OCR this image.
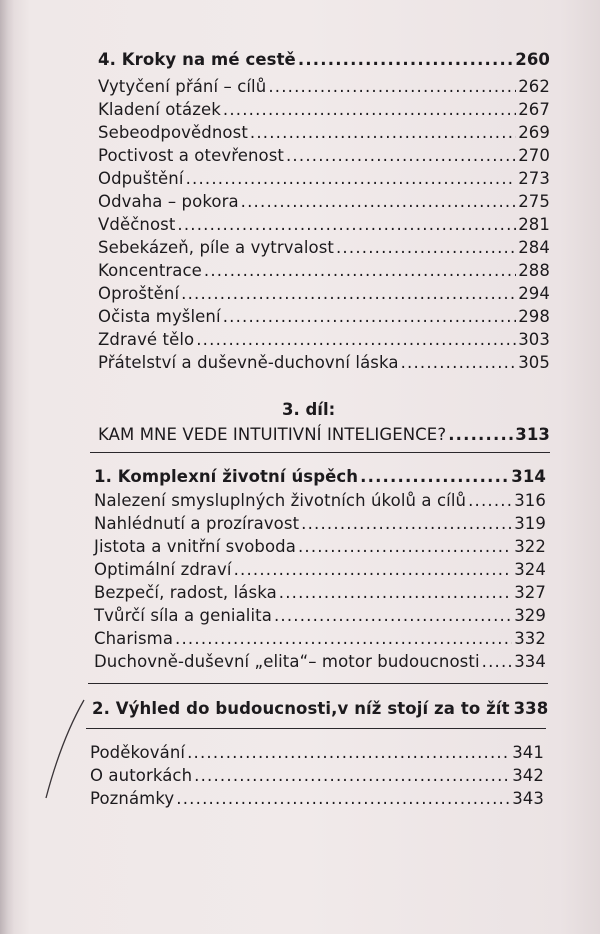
4. Kroky na mé cestě .....	260
Vytyčení přání – cílů .....	262
Kladení otázek .....	267
Sebeodpovědnost .....	269
Poctivost a otevřenost .....	270
Odpuštění .....	273
Odvaha – pokora .....	275
Vděčnost .....	281
Sebekázeň, píle a vytrvalost .....	284
Koncentrace .....	288
Oproštění .....	294
Očista myšlení .....	298
Zdravé tělo .....	303
Přátelství a duševně-duchovní láska .....	305
3. díl:
KAM MNE VEDE INTUITIVNÍ INTELIGENCE? .....	313
1. Komplexní životní úspěch .....	314
Nalezení smysluplných životních úkolů a cílů .....	316
Nahlédnutí a prozíravost .....	319
Jistota a vnitřní svoboda .....	322
Optimální zdraví .....	324
Bezpečí, radost, láska .....	327
Tvůrčí síla a genialita .....	329
Charisma .....	332
Duchovně-duševní „elita“– motor budoucnosti ..... 334
2. Výhled do budoucnosti,v níž stojí za to žít 338
Poděkování .....	341
O autorkách .....	342
Poznámky .....	343
